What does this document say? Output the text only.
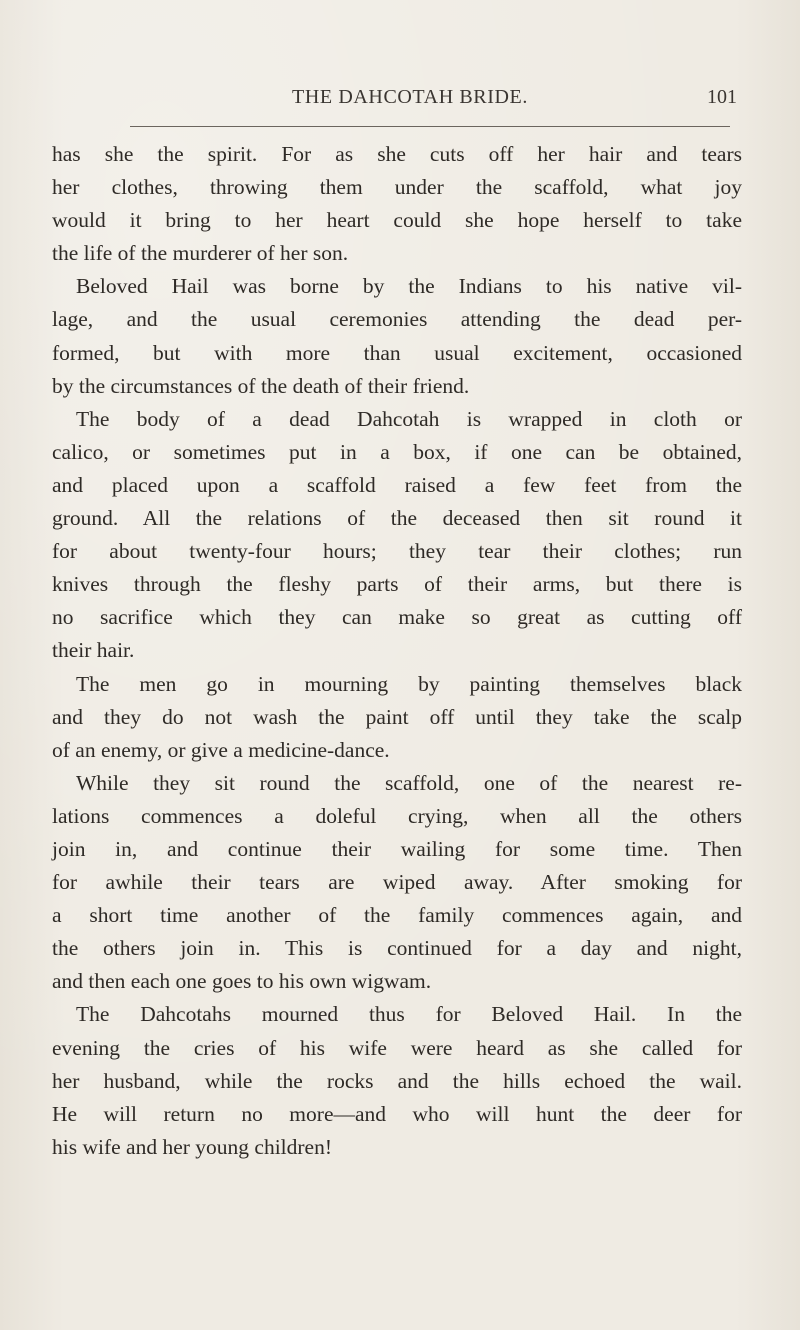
THE DAHCOTAH BRIDE.	101
has she the spirit. For as she cuts off her hair and tears
her clothes, throwing them under the scaffold, what joy
would it bring to her heart could she hope herself to take
the life of the murderer of her son.
Beloved Hail was borne by the Indians to his native vil-
lage, and the usual ceremonies attending the dead per-
formed, but with more than usual excitement, occasioned
by the circumstances of the death of their friend.
The body of a dead Dahcotah is wrapped in cloth or
calico, or sometimes put in a box, if one can be obtained,
and placed upon a scaffold raised a few feet from the
ground. All the relations of the deceased then sit round it
for about twenty-four hours; they tear their clothes; run
knives through the fleshy parts of their arms, but there is
no sacrifice which they can make so great as cutting off
their hair.
The men go in mourning by painting themselves black
and they do not wash the paint off until they take the scalp
of an enemy, or give a medicine-dance.
While they sit round the scaffold, one of the nearest re-
lations commences a doleful crying, when all the others
join in, and continue their wailing for some time. Then
for awhile their tears are wiped away. After smoking for
a short time another of the family commences again, and
the others join in. This is continued for a day and night,
and then each one goes to his own wigwam.
The Dahcotahs mourned thus for Beloved Hail. In the
evening the cries of his wife were heard as she called for
her husband, while the rocks and the hills echoed the wail.
He will return no more—and who will hunt the deer for
his wife and her young children!
